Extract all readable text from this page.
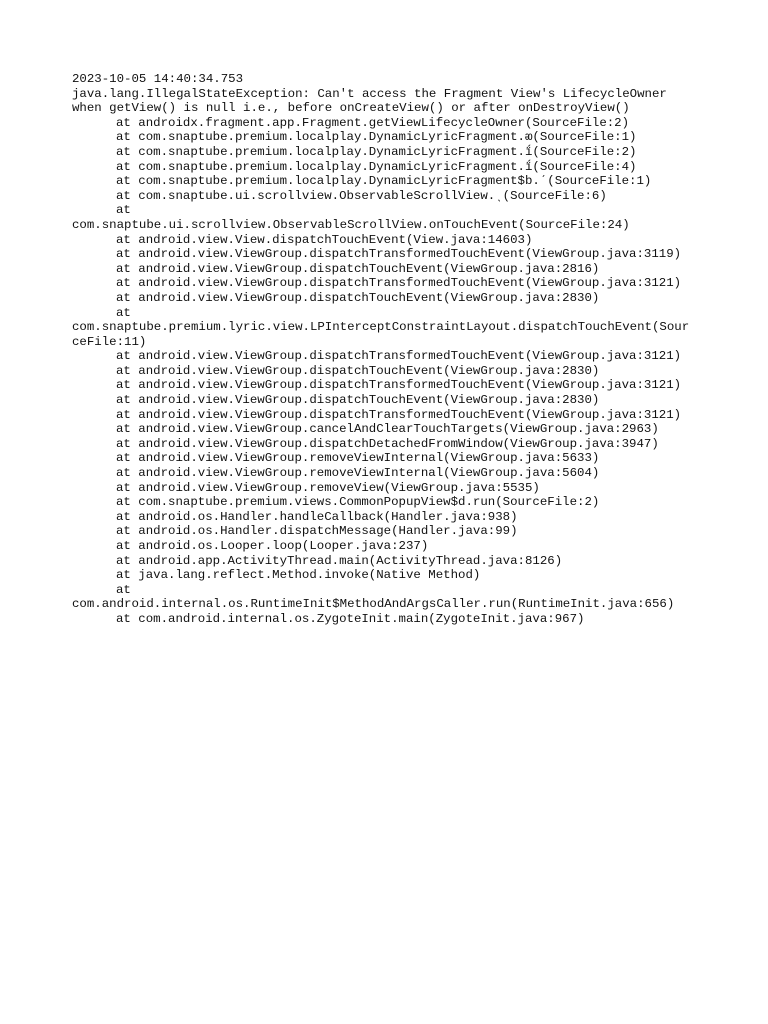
2023-10-05 14:40:34.753
java.lang.IllegalStateException: Can't access the Fragment View's LifecycleOwner
when getView() is null i.e., before onCreateView() or after onDestroyView()
at androidx.fragment.app.Fragment.getViewLifecycleOwner(SourceFile:2)
at com.snaptube.premium.localplay.DynamicLyricFragment.ᴔ(SourceFile:1)
at com.snaptube.premium.localplay.DynamicLyricFragment.ḯ(SourceFile:2)
at com.snaptube.premium.localplay.DynamicLyricFragment.ḯ(SourceFile:4)
at com.snaptube.premium.localplay.DynamicLyricFragment$b.ˊ(SourceFile:1)
at com.snaptube.ui.scrollview.ObservableScrollView.ˎ(SourceFile:6)
at
com.snaptube.ui.scrollview.ObservableScrollView.onTouchEvent(SourceFile:24)
at android.view.View.dispatchTouchEvent(View.java:14603)
at android.view.ViewGroup.dispatchTransformedTouchEvent(ViewGroup.java:3119)
at android.view.ViewGroup.dispatchTouchEvent(ViewGroup.java:2816)
at android.view.ViewGroup.dispatchTransformedTouchEvent(ViewGroup.java:3121)
at android.view.ViewGroup.dispatchTouchEvent(ViewGroup.java:2830)
at
com.snaptube.premium.lyric.view.LPInterceptConstraintLayout.dispatchTouchEvent(Sour
ceFile:11)
at android.view.ViewGroup.dispatchTransformedTouchEvent(ViewGroup.java:3121)
at android.view.ViewGroup.dispatchTouchEvent(ViewGroup.java:2830)
at android.view.ViewGroup.dispatchTransformedTouchEvent(ViewGroup.java:3121)
at android.view.ViewGroup.dispatchTouchEvent(ViewGroup.java:2830)
at android.view.ViewGroup.dispatchTransformedTouchEvent(ViewGroup.java:3121)
at android.view.ViewGroup.cancelAndClearTouchTargets(ViewGroup.java:2963)
at android.view.ViewGroup.dispatchDetachedFromWindow(ViewGroup.java:3947)
at android.view.ViewGroup.removeViewInternal(ViewGroup.java:5633)
at android.view.ViewGroup.removeViewInternal(ViewGroup.java:5604)
at android.view.ViewGroup.removeView(ViewGroup.java:5535)
at com.snaptube.premium.views.CommonPopupView$d.run(SourceFile:2)
at android.os.Handler.handleCallback(Handler.java:938)
at android.os.Handler.dispatchMessage(Handler.java:99)
at android.os.Looper.loop(Looper.java:237)
at android.app.ActivityThread.main(ActivityThread.java:8126)
at java.lang.reflect.Method.invoke(Native Method)
at
com.android.internal.os.RuntimeInit$MethodAndArgsCaller.run(RuntimeInit.java:656)
at com.android.internal.os.ZygoteInit.main(ZygoteInit.java:967)
